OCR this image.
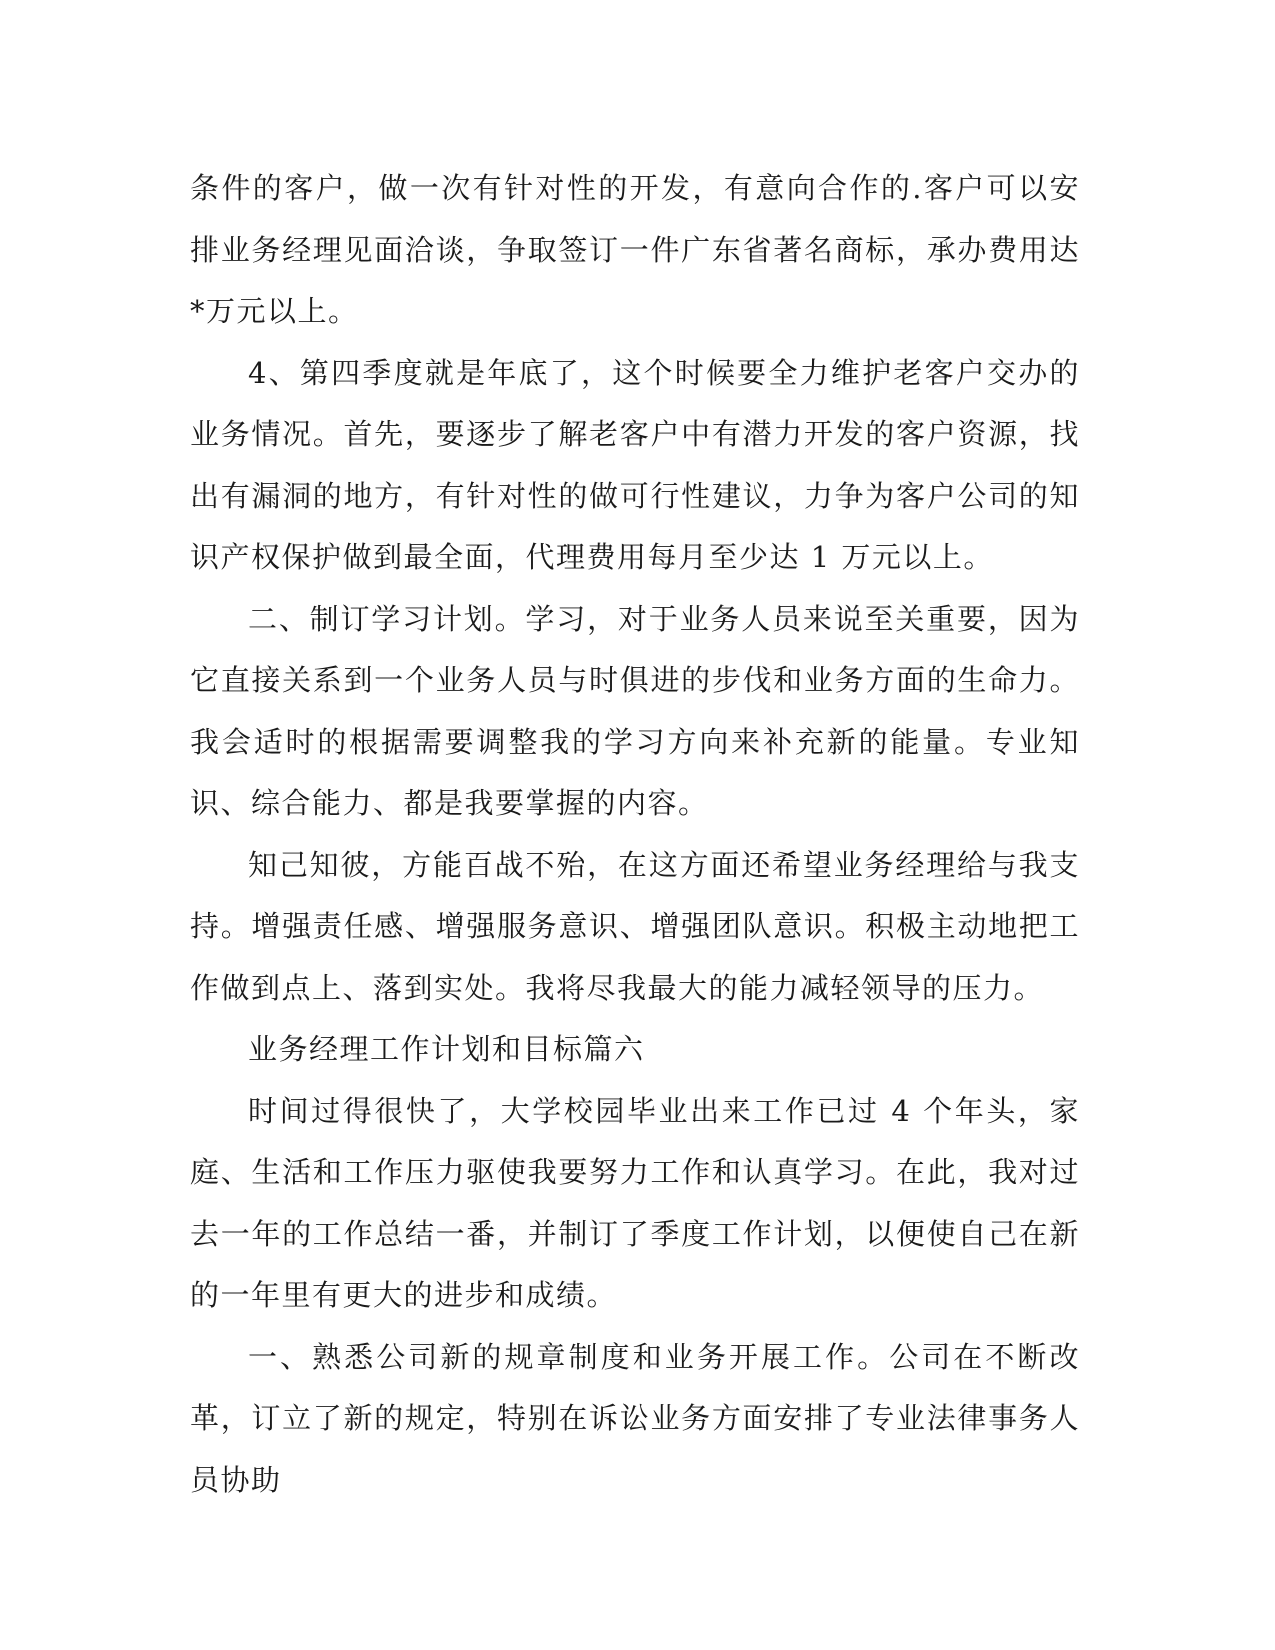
条件的客户，做一次有针对性的开发，有意向合作的.客户可以安排业务经理见面洽谈，争取签订一件广东省著名商标，承办费用达*万元以上。

4、第四季度就是年底了，这个时候要全力维护老客户交办的业务情况。首先，要逐步了解老客户中有潜力开发的客户资源，找出有漏洞的地方，有针对性的做可行性建议，力争为客户公司的知识产权保护做到最全面，代理费用每月至少达 1 万元以上。

二、制订学习计划。学习，对于业务人员来说至关重要，因为它直接关系到一个业务人员与时俱进的步伐和业务方面的生命力。我会适时的根据需要调整我的学习方向来补充新的能量。专业知识、综合能力、都是我要掌握的内容。

知己知彼，方能百战不殆，在这方面还希望业务经理给与我支持。增强责任感、增强服务意识、增强团队意识。积极主动地把工作做到点上、落到实处。我将尽我最大的能力减轻领导的压力。

业务经理工作计划和目标篇六

时间过得很快了，大学校园毕业出来工作已过 4 个年头，家庭、生活和工作压力驱使我要努力工作和认真学习。在此，我对过去一年的工作总结一番，并制订了季度工作计划，以便使自己在新的一年里有更大的进步和成绩。

一、熟悉公司新的规章制度和业务开展工作。公司在不断改革，订立了新的规定，特别在诉讼业务方面安排了专业法律事务人员协助
